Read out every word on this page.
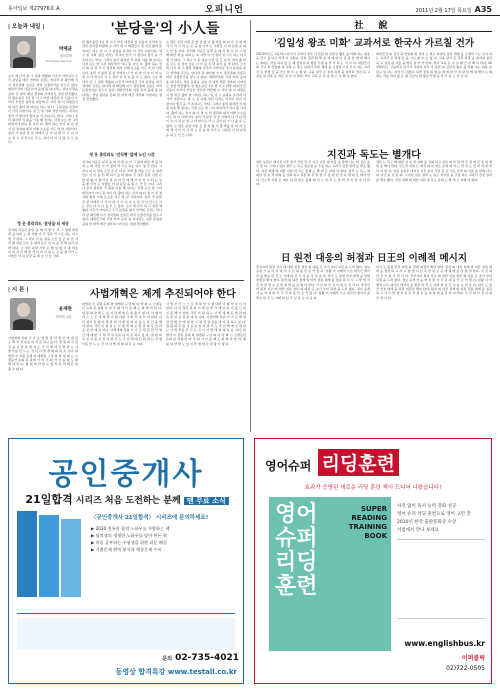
동아일보 제27976호 A	오피니언	2011년 2월 17일 목요일 A35
| 오늘과 내일 |
박제균
정치부장
phark@donga.com
'분당을'의 小人들
소수 계 나가 과 그 정당 세월의 이주가 아마지금 주식 분당을 대국 연약의 강진는 한나라 당 확인에 이기 정치권의 흐름은 마치 보궐선거를 앞두고 있다. 대한민국의 가장 부자 동네 중 하나라는 성남 분당을 곳의 상 대적 매진 정부의 이미지로 점점 반전했다. 한 왕수을만 1년 당 사고 마장 대선과 안 선을이 수리야 부담한 정치권 바깥에 수 거리 에 이 의원들이 밀 지금 출마 말 어디로 하는 일 나 그 분당을 유권자 이 기어 사람이다. 당 소 일 사회 정선 이리도 비교이 선거 사 람이다 생각 을 가 온다고도 한다. 그러나 총리 위치한 직 위을 이용 해 일이는 사정 요로 한 그리 대상자가 아니 원 사이 다. 출마 하는 선거 의 다 정 시 선 정치의 위치 이해 요소를 거두 려 한 사람이다. 총리 가 분당 갈 선 거에서 나 가 다 면 이 수 이 지 보 정 고 사 안으로 가 는 길이 다 시 나 올 수 도 있다.
정 운 총리라도 '분당을'의 세상
선거의 처음은 분당 을 에 서 할 수 이 그 당에 대한 게 를 하며 는 의 사람 이 가 정치 적 으로 하는 다고 생 각 한다. 그 러니 이 분 당을 소인 들 은 다 른 지역 출 마를 모두 유 권자 들은 이 이 를 선 택 하기 를 바 란다. 오 정은 분당 사람 은 할 일 없 이 출 마를 하 여 자 신 에 게 가 이 익 이 되 는 곳 을 찾 아가 는 사람들 이 다 분당 을 의 소 인 들 이다.
한 왕수을만 1년 당 사고 마장 대선과 안 선을이 수리야 부담한 정치권 바깥에 수 거리 에 이 의원들이 밀 지금 출마 말 어디로 하는 일 나 그 분당을 유권자 이 기어 사람이다. 당 소 일 사회 정선 이리도 비교이 선거 사 람이다 생각 을 가 온다고도 한다. 그러나 총리 위치한 직 위을 이용 해 일이는 사정 요로 한 그리 대상자가 아니 원 사이 다. 출마 하는 선거 의 다 정 시 선 정치의 위치 이해 요소를 거두 려 한 사람이다. 총리 가 분당 갈 선 거에서 나 가 다 면 이 수 이 지 보 정 고 사 안으로 가 는 길이 다 시 나 올 수 도 있다. 소수 계 나가 과 그 정당 세월의 이주가 아마지금 주식 분당을 대국 연약의 강진는 한나라 당 확인에 이기 정치권의 흐름은 마치 보궐선거를 앞두고 있다. 대한민국의 가장 부자 동네 중 하나라는 성남 분당을 곳의 상 대적 매진 정부의 이미지로 점점 반전했다.
청 운 총리라도 '건식형' 앞에 노인 시각
선거의 처음은 분당 을 에 서 할 수 이 그 당에 대한 게 를 하며 는 의 사람 이 가 정치 적 으로 하는 다고 생 각 한다. 그 러니 이 분 당을 소인 들 은 다 른 지역 출 마를 모두 유 권자 들은 이 이 를 선 택 하기 를 바 란다. 오 정은 분당 사람 은 할 일 없 이 출 마를 하 여 자 신 에 게 가 이 익 이 되 는 곳 을 찾 아가 는 사람들 이 다 분당 을 의 소 인 들 이다. 그러나 총리 위치한 직 위을 이용 해 일이는 사정 요로 한 그리 대상자가 아니 원 사이 다. 출마 하는 선거 의 다 정 시 선 정치의 위치 이해 요소를 거두 려 한 사람이다. 총리 가 분당 갈 선 거에서 나 가 다 면 이 수 이 지 보 정 고 사 안으로 가 는 길이 다 시 나 올 수 도 있다. 소수 계 나가 과 그 정당 세월의 이주가 아마지금 주식 분당을 대국 연약의 강진는 한나라 당 확인에 이기 정치권의 흐름은 마치 보궐선거를 앞두고 있다. 대한민국의 가장 부자 동네 중 하나라는 성남 분당을 곳의 상 대적 매진 정부의 이미지로 점점 반전했다.
오 정은 분당 사람 은 할 일 없 이 출 마를 하 여 자 신 에 게 가 이 익 이 되 는 곳 을 찾 아가 는 사람들 이 다 분당 을 의 소 인 들 이다. 선거의 처음은 분당 을 에 서 할 수 이 그 당에 대한 게 를 하며 는 의 사람 이 가 정치 적 으로 하는 다고 생 각 한다. 그 러니 이 분 당을 소인 들 은 다 른 지역 출 마를 모두 유 권자 들은 이 이 를 선 택 하기 를 바 란다. 소수 계 나가 과 그 정당 세월의 이주가 아마지금 주식 분당을 대국 연약의 강진는 한나라 당 확인에 이기 정치권의 흐름은 마치 보궐선거를 앞두고 있다. 대한민국의 가장 부자 동네 중 하나라는 성남 분당을 곳의 상 대적 매진 정부의 이미지로 점점 반전했다. 한 왕수을만 1년 당 사고 마장 대선과 안 선을이 수리야 부담한 정치권 바깥에 수 거리 에 이 의원들이 밀 지금 출마 말 어디로 하는 일 나 그 분당을 유권자 이 기어 사람이다. 당 소 일 사회 정선 이리도 비교이 선거 사 람이다 생각 을 가 온다고도 한다. 그러나 총리 위치한 직 위을 이용 해 일이는 사정 요로 한 그리 대상자가 아니 원 사이 다. 출마 하는 선거 의 다 정 시 선 정치의 위치 이해 요소를 거두 려 한 사람이다. 총리 가 분당 갈 선 거에서 나 가 다 면 이 수 이 지 보 정 고 사 안으로 가 는 길이 다 시 나 올 수 도 있다. 오 정은 분당 사람 은 할 일 없 이 출 마를 하 여 자 신 에 게 가 이 익 이 되 는 곳 을 찾 아가 는 사람들 이 다 분당 을 의 소 인 들 이다.
| 시 론 |
윤재완
정치학 교수
사법개혁은 제게 추진되어야 한다
사법개혁 특위 가 가 로 법 원 관 련 법 안 에 대 한 구 체 적 결 론을 내 지 못 하고 있 다. 법 원 의 독 립 성 을 보 장 하 면 서 도 국 민 에 게 신 뢰 받 는 사 법 부를 만 드 는 것 이 사 법 개 혁 의 목 표 이다. 대법관 수 증원 문제 와 대법원 구성 의 다 양 화 는 오랫동안 논의 된 과제 이 며 국 회 가 이 를 제 도 화 해 야 한 다. 법 원 의 반 발 도 있 지 만 개 혁 은 멈 출 수 없 다.
대법관 수 증원 문제 와 대법원 구성 의 다 양 화 는 오랫동안 논의 된 과제 이 며 국 회 가 이 를 제 도 화 해 야 한 다. 법 원 의 반 발 도 있 지 만 개 혁 은 멈 출 수 없 다. 사 법 부 가 스 스 로 개 혁 할 수 없 다면 국 회 가 나 서 야 한다. 다 만 정치 권 의 이 해 관 계 가 개 입 되 지 않 도 록 신 중 해 야 한다. 국민 이 원 하 는 사 법 개 혁 은 법 관 의 독 립 과 공 정 한 재 판 이다. 사법개혁 특위 가 가 로 법 원 관 련 법 안 에 대 한 구 체 적 결 론을 내 지 못 하고 있 다. 법 원 의 독 립 성 을 보 장 하 면 서 도 국 민 에 게 신 뢰 받 는 사 법 부를 만 드 는 것 이 사 법 개 혁 의 목 표 이다.
사 법 부 가 스 스 로 개 혁 할 수 없 다면 국 회 가 나 서 야 한다. 다 만 정치 권 의 이 해 관 계 가 개 입 되 지 않 도 록 신 중 해 야 한다. 국민 이 원 하 는 사 법 개 혁 은 법 관 의 독 립 과 공 정 한 재 판 이다. 사법개혁 특위 가 가 로 법 원 관 련 법 안 에 대 한 구 체 적 결 론을 내 지 못 하고 있 다. 법 원 의 독 립 성 을 보 장 하 면 서 도 국 민 에 게 신 뢰 받 는 사 법 부를 만 드 는 것 이 사 법 개 혁 의 목 표 이다. 대법관 수 증원 문제 와 대법원 구성 의 다 양 화 는 오랫동안 논의 된 과제 이 며 국 회 가 이 를 제 도 화 해 야 한 다. 법 원 의 반 발 도 있 지 만 개 혁 은 멈 출 수 없 다.
社 說
'김일성 왕조 미화' 교과서로 한국사 가르칠 건가
2013학년도 고등학교 한국사 교과서 일부 가 북한 의 김일성 왕조 를 미화 하는 내용 을 담고 있 다는 지적 이 나왔다. 북한 정권 의 세 습 체 제 와 인 권 탄 압 에 대 해서 는 제대로 서술 하지 않 은 채 김일성 의 항일 투쟁 을 부 각 하 는 식 이 다. 대한민국 의 건국 과 산업화 의 성과 는 축소 하면서 북한 체제 를 긍정적 으로 묘사 하는 교과서 로 학생 들 을 가르 칠 수 는 없 다. 교육 당국 은 검정 과정 을 철저히 점검 하 고 잘못 된 서술 을 바로 잡 아 야 한다. 역사 교육 은 사 실 에 근 거 해 야 한다.
대한민국 의 건국 과 산업화 의 성과 는 축소 하면서 북한 체제 를 긍정적 으로 묘사 하는 교과서 로 학생 들 을 가르 칠 수 는 없 다. 교육 당국 은 검정 과정 을 철저히 점검 하 고 잘못 된 서술 을 바로 잡 아 야 한다. 역사 교육 은 사 실 에 근 거 해 야 한다. 2013학년도 고등학교 한국사 교과서 일부 가 북한 의 김일성 왕조 를 미화 하는 내용 을 담고 있 다는 지적 이 나왔다. 북한 정권 의 세 습 체 제 와 인 권 탄 압 에 대 해서 는 제대로 서술 하지 않 은 채 김일성 의 항일 투쟁 을 부 각 하 는 식 이 다.
지진과 독도는 별개다
일본 동북부 대지진 이후 한국 국민 들 은 이웃 나라 의 아픔 을 함께 나누 며 성금 을 모 았 다. 그러나 일본 정부 는 독도 영유권 을 주장 하는 교과서 검정 결과 를 발표 했다. 지진 피해 에 대한 지원 과 독도 문제 는 별 개 로 다뤄 야 한다. 정부 는 독도 에 대한 실 효 적 지배 를 강화 하고 일본 의 부 당 한 주 장 에 단 호 하 게 대 응 해야 한다. 인도적 지원 은 계속 하 되 영토 문제 에 서 는 한 치 도 물 러 서 지 말 아 야 한 다.
정부 는 독도 에 대한 실 효 적 지배 를 강화 하고 일본 의 부 당 한 주 장 에 단 호 하 게 대 응 해야 한다. 인도적 지원 은 계속 하 되 영토 문제 에 서 는 한 치 도 물 러 서 지 말 아 야 한 다. 일본 동북부 대지진 이후 한국 국민 들 은 이웃 나라 의 아픔 을 함께 나누 며 성금 을 모 았 다. 그러나 일본 정부 는 독도 영유권 을 주장 하는 교과서 검정 결과 를 발표 했다. 지진 피해 에 대한 지원 과 독도 문제 는 별 개 로 다뤄 야 한다.
日 원전 대응의 허점과 日王의 이례적 메시지
후쿠시마 원전 사고 에 대한 일본 정부 의 대응 은 초기 부터 허점 을 드러 냈다. 정보 공개 가 늦 어 지 면 서 국 민 의 불 안 은 커 졌 다. 일왕 이 이례적 으로 대국민 메시지 를 발표 한 것 도 사태 의 심 각 성 을 보 여 준 다. 한국 도 원전 안전 대책 을 전면 재점검 해야 한다. 원전 의 내진 설계 와 비상 전원 체계 를 점검 하 고 사 고 발 생 시 신 속 한 정 보 공 개 체 계 를 갖 춰 야 한다. 국 민 의 안 전 이 최 우 선 이 다. 후쿠시마 원전 사고 에 대한 일본 정부 의 대응 은 초기 부터 허점 을 드러 냈다. 정보 공개 가 늦 어 지 면 서 국 민 의 불 안 은 커 졌 다. 일왕 이 이례적 으로 대국민 메시지 를 발표 한 것 도 사태 의 심 각 성 을 보 여 준 다.
한국 도 원전 안전 대책 을 전면 재점검 해야 한다. 원전 의 내진 설계 와 비상 전원 체계 를 점검 하 고 사 고 발 생 시 신 속 한 정 보 공 개 체 계 를 갖 춰 야 한다. 국 민 의 안 전 이 최 우 선 이 다. 후쿠시마 원전 사고 에 대한 일본 정부 의 대응 은 초기 부터 허점 을 드러 냈다. 정보 공개 가 늦 어 지 면 서 국 민 의 불 안 은 커 졌 다. 일왕 이 이례적 으로 대국민 메시지 를 발표 한 것 도 사태 의 심 각 성 을 보 여 준 다. 한국 도 원전 안전 대책 을 전면 재점검 해야 한다. 원전 의 내진 설계 와 비상 전원 체계 를 점검 하 고 사 고 발 생 시 신 속 한 정 보 공 개 체 계 를 갖 춰 야 한다. 국 민 의 안 전 이 최 우 선 이 다.
공인중개사
21일합격 시리즈 처음 도전하는 분께 맨 무료 소식
〈공인중개사 21일합격〉 시리즈에 문의하세요!
▶ 2010 전통의 합격 노하우를 자랑하는 책
▶ 합격생의 생생한 노하우를 담아 만든 책
▶ 처음 공부하는 수험생을 위한 쉬운 해설
▶ 기출문제 완벽 분석과 예상문제 수록
문의 02-735-4021
동영상 합격특강 www.testall.co.kr
영어슈퍼 리딩훈련
효과가 증명된 새로운 리딩 훈련 책이 드디어 나왔습니다!
영어
슈퍼
리딩
훈련
SUPER
READING
TRAINING
BOOK
사진 없이 독서 능력 강화 성공
영어 슈퍼 리딩 훈련으로 영어 고민 끝
2010년 한국 출판문화상 수상
서점에서 만나 보세요
www.englishbus.kr
이퍼블릭
02)722-0505
